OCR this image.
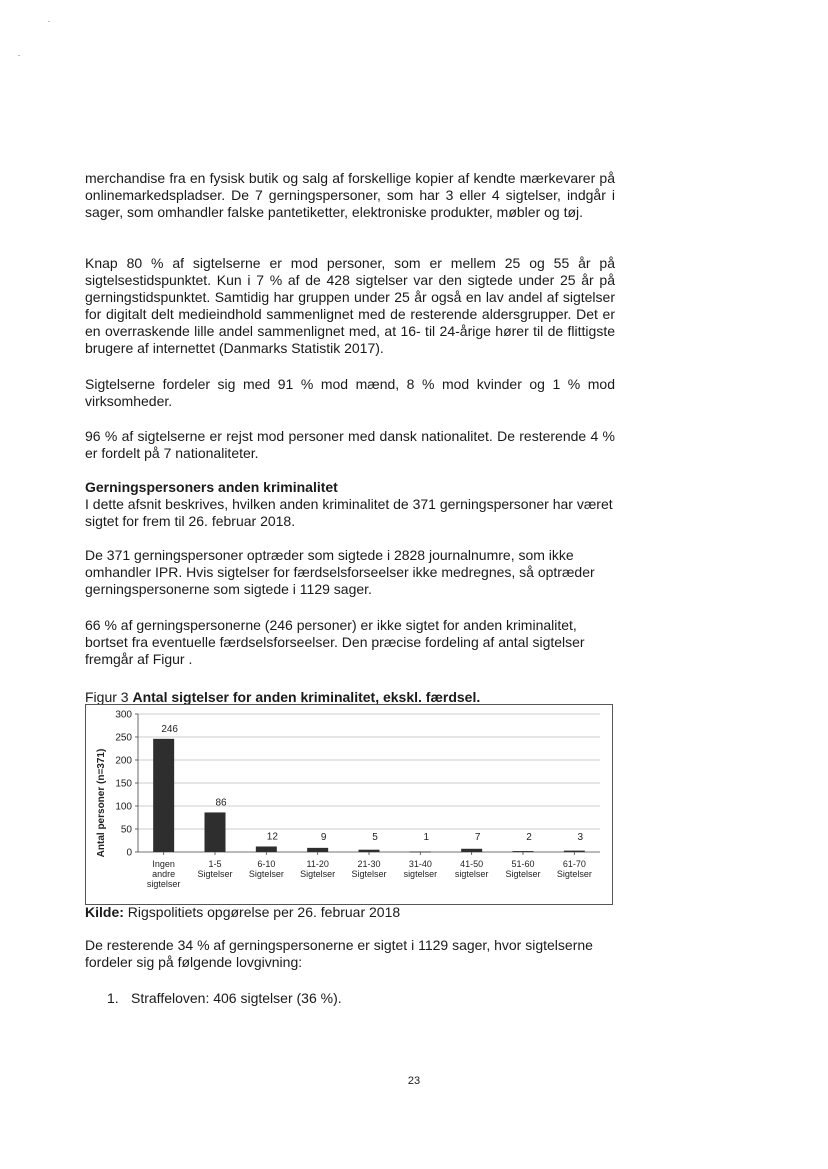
merchandise fra en fysisk butik og salg af forskellige kopier af kendte mærkevarer på onlinemarkedspladser. De 7 gerningspersoner, som har 3 eller 4 sigtelser, indgår i sager, som omhandler falske pantetiketter, elektroniske produkter, møbler og tøj.

Knap 80 % af sigtelserne er mod personer, som er mellem 25 og 55 år på sigtelsestidspunktet. Kun i 7 % af de 428 sigtelser var den sigtede under 25 år på gerningstidspunktet. Samtidig har gruppen under 25 år også en lav andel af sigtelser for digitalt delt medieindhold sammenlignet med de resterende aldersgrupper. Det er en overraskende lille andel sammenlignet med, at 16- til 24-årige hører til de flittigste brugere af internettet (Danmarks Statistik 2017).

Sigtelserne fordeler sig med 91 % mod mænd, 8 % mod kvinder og 1 % mod virksomheder.

96 % af sigtelserne er rejst mod personer med dansk nationalitet. De resterende 4 % er fordelt på 7 nationaliteter.

Gerningspersoners anden kriminalitet

I dette afsnit beskrives, hvilken anden kriminalitet de 371 gerningspersoner har været sigtet for frem til 26. februar 2018.

De 371 gerningspersoner optræder som sigtede i 2828 journalnumre, som ikke omhandler IPR. Hvis sigtelser for færdselsforseelser ikke medregnes, så optræder gerningspersonerne som sigtede i 1129 sager.

66 % af gerningspersonerne (246 personer) er ikke sigtet for anden kriminalitet, bortset fra eventuelle færdselsforseelser. Den præcise fordeling af antal sigtelser fremgår af Figur .

Figur 3 Antal sigtelser for anden kriminalitet, ekskl. færdsel.
0
50
100
150
200
250
300
246
Ingen
andre
sigtelser
86
1-5
Sigtelser
12
6-10
Sigtelser
9
11-20
Sigtelser
5
21-30
Sigtelser
1
31-40
sigtelser
7
41-50
sigtelser
2
51-60
Sigtelser
3
61-70
Sigtelser
Antal personer (n=371)
Kilde: Rigspolitiets opgørelse per 26. februar 2018

De resterende 34 % af gerningspersonerne er sigtet i 1129 sager, hvor sigtelserne fordeler sig på følgende lovgivning:

1. Straffeloven: 406 sigtelser (36 %).
23
